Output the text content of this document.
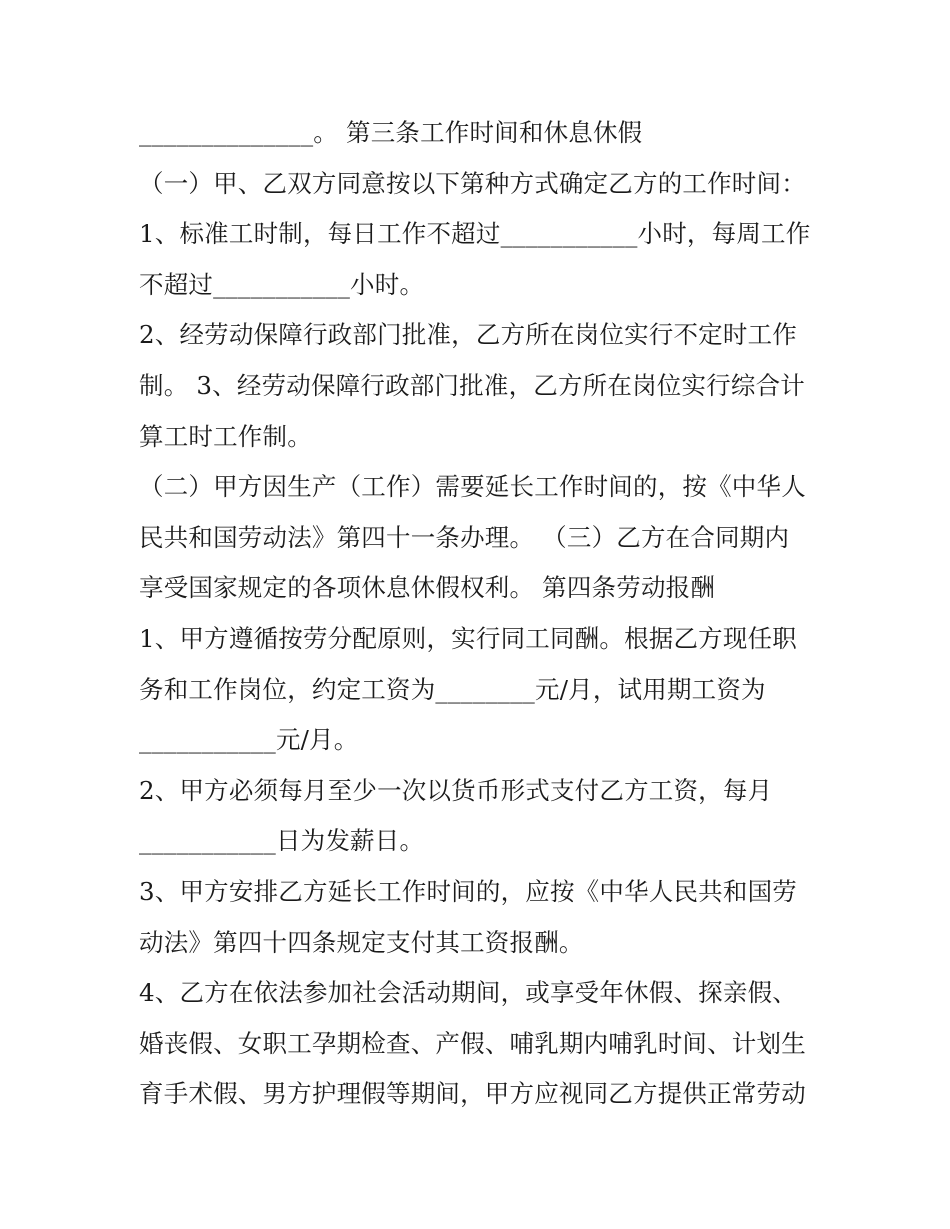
______________。 第三条工作时间和休息休假
（一）甲、乙双方同意按以下第种方式确定乙方的工作时间：
1、标准工时制，每日工作不超过___________小时，每周工作
不超过___________小时。
2、经劳动保障行政部门批准，乙方所在岗位实行不定时工作
制。 3、经劳动保障行政部门批准，乙方所在岗位实行综合计
算工时工作制。
（二）甲方因生产（工作）需要延长工作时间的，按《中华人
民共和国劳动法》第四十一条办理。 （三）乙方在合同期内
享受国家规定的各项休息休假权利。 第四条劳动报酬
1、甲方遵循按劳分配原则，实行同工同酬。根据乙方现任职
务和工作岗位，约定工资为________元/月，试用期工资为
___________元/月。
2、甲方必须每月至少一次以货币形式支付乙方工资，每月
___________日为发薪日。
3、甲方安排乙方延长工作时间的，应按《中华人民共和国劳
动法》第四十四条规定支付其工资报酬。
4、乙方在依法参加社会活动期间，或享受年休假、探亲假、
婚丧假、女职工孕期检查、产假、哺乳期内哺乳时间、计划生
育手术假、男方护理假等期间，甲方应视同乙方提供正常劳动
